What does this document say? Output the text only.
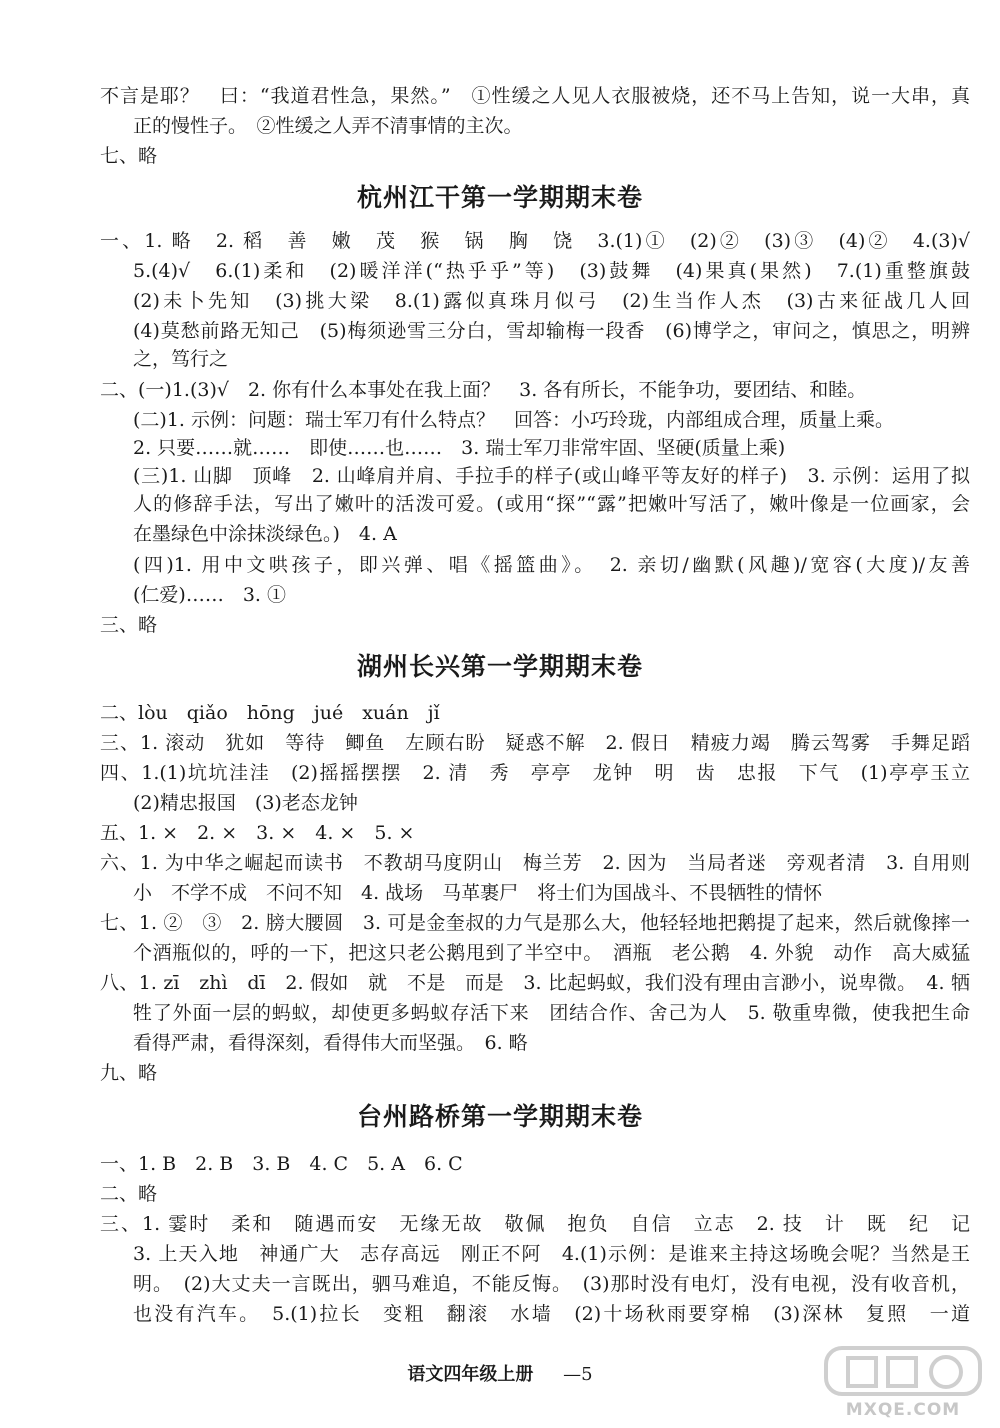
不言是耶？　曰：“我道君性急，果然。”　①性缓之人见人衣服被烧，还不马上告知，说一大串，真
正的慢性子。　②性缓之人弄不清事情的主次。
七、略
杭州江干第一学期期末卷
一、1. 略　2. 稻　善　嫩　茂　猴　锅　胸　饶　3.(1)①　(2)②　(3)③　(4)②　4.(3)√
5.(4)√　6.(1)柔和　(2)暖洋洋(“热乎乎”等)　(3)鼓舞　(4)果真(果然)　7.(1)重整旗鼓
(2)未卜先知　(3)挑大梁　8.(1)露似真珠月似弓　(2)生当作人杰　(3)古来征战几人回
(4)莫愁前路无知己　(5)梅须逊雪三分白，雪却输梅一段香　(6)博学之，审问之，慎思之，明辨
之，笃行之
二、(一)1.(3)√　2. 你有什么本事处在我上面？　3. 各有所长，不能争功，要团结、和睦。
(二)1. 示例：问题：瑞士军刀有什么特点？　回答：小巧玲珑，内部组成合理，质量上乘。
2. 只要……就……　即使……也……　3. 瑞士军刀非常牢固、坚硬(质量上乘)
(三)1. 山脚　顶峰　2. 山峰肩并肩、手拉手的样子(或山峰平等友好的样子)　3. 示例：运用了拟
人的修辞手法，写出了嫩叶的活泼可爱。(或用“探”“露”把嫩叶写活了，嫩叶像是一位画家，会
在墨绿色中涂抹淡绿色。)　4. A
(四)1. 用中文哄孩子，即兴弹、唱《摇篮曲》。　2. 亲切/幽默(风趣)/宽容(大度)/友善
(仁爱)……　3. ①
三、略
湖州长兴第一学期期末卷
二、lòu　qiǎo　hōng　jué　xuán　jǐ
三、1. 滚动　犹如　等待　鲫鱼　左顾右盼　疑惑不解　2. 假日　精疲力竭　腾云驾雾　手舞足蹈
四、1.(1)坑坑洼洼　(2)摇摇摆摆　2. 清　秀　亭亭　龙钟　明　齿　忠报　下气　(1)亭亭玉立
(2)精忠报国　(3)老态龙钟
五、1. ×　2. ×　3. ×　4. ×　5. ×
六、1. 为中华之崛起而读书　不教胡马度阴山　梅兰芳　2. 因为　当局者迷　旁观者清　3. 自用则
小　不学不成　不问不知　4. 战场　马革裹尸　将士们为国战斗、不畏牺牲的情怀
七、1. ②　③　2. 膀大腰圆　3. 可是金奎叔的力气是那么大，他轻轻地把鹅提了起来，然后就像摔一
个酒瓶似的，呼的一下，把这只老公鹅甩到了半空中。　酒瓶　老公鹅　4. 外貌　动作　高大威猛
八、1. zī　zhì　dī　2. 假如　就　不是　而是　3. 比起蚂蚁，我们没有理由言渺小，说卑微。　4. 牺
牲了外面一层的蚂蚁，却使更多蚂蚁存活下来　团结合作、舍己为人　5. 敬重卑微，使我把生命
看得严肃，看得深刻，看得伟大而坚强。　6. 略
九、略
台州路桥第一学期期末卷
一、1. B　2. B　3. B　4. C　5. A　6. C
二、略
三、1. 霎时　柔和　随遇而安　无缘无故　敬佩　抱负　自信　立志　2. 技　计　既　纪　记
3. 上天入地　神通广大　志存高远　刚正不阿　4.(1)示例：是谁来主持这场晚会呢？当然是王
明。　(2)大丈夫一言既出，驷马难追，不能反悔。　(3)那时没有电灯，没有电视，没有收音机，
也没有汽车。　5.(1)拉长　变粗　翻滚　水墙　(2)十场秋雨要穿棉　(3)深林　复照　一道
语文四年级上册 —5
MXQE.COM
